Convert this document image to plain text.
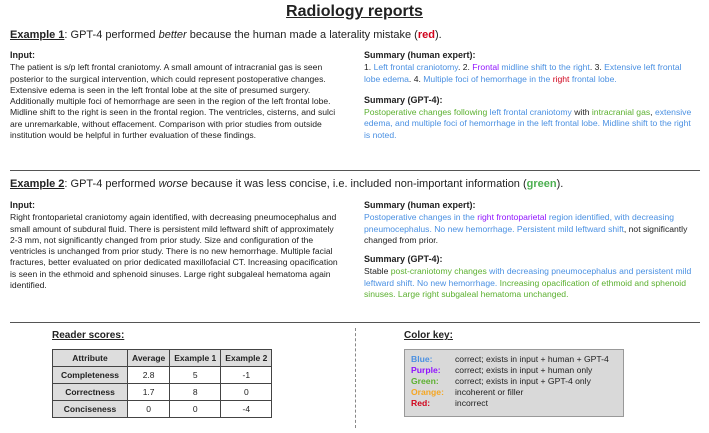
Radiology reports
Example 1: GPT-4 performed better because the human made a laterality mistake (red).
Input:
The patient is s/p left frontal craniotomy. A small amount of intracranial gas is seen posterior to the surgical intervention, which could represent postoperative changes. Extensive edema is seen in the left frontal lobe at the site of presumed surgery. Additionally multiple foci of hemorrhage are seen in the region of the left frontal lobe. Midline shift to the right is seen in the frontal region. The ventricles, cisterns, and sulci are unremarkable, without effacement. Comparison with prior studies from outside institution would be helpful in further evaluation of these findings.
Summary (human expert):
1. Left frontal craniotomy. 2. Frontal midline shift to the right. 3. Extensive left frontal lobe edema. 4. Multiple foci of hemorrhage in the right frontal lobe.
Summary (GPT-4):
Postoperative changes following left frontal craniotomy with intracranial gas, extensive edema, and multiple foci of hemorrhage in the left frontal lobe. Midline shift to the right is noted.
Example 2: GPT-4 performed worse because it was less concise, i.e. included non-important information (green).
Input:
Right frontoparietal craniotomy again identified, with decreasing pneumocephalus and small amount of subdural fluid. There is persistent mild leftward shift of approximately 2-3 mm, not significantly changed from prior study. Size and configuration of the ventricles is unchanged from prior study. There is no new hemorrhage. Multiple facial fractures, better evaluated on prior dedicated maxillofacial CT. Increasing opacification is seen in the ethmoid and sphenoid sinuses. Large right subgaleal hematoma again identified.
Summary (human expert):
Postoperative changes in the right frontoparietal region identified, with decreasing pneumocephalus. No new hemorrhage. Persistent mild leftward shift, not significantly changed from prior.
Summary (GPT-4):
Stable post-craniotomy changes with decreasing pneumocephalus and persistent mild leftward shift. No new hemorrhage. Increasing opacification of ethmoid and sphenoid sinuses. Large right subgaleal hematoma unchanged.
Reader scores:
Attribute	Average	Example 1	Example 2
Completeness	2.8	5	-1
Correctness	1.7	8	0
Conciseness	0	0	-4
Color key:
Blue:	correct; exists in input + human + GPT-4
Purple:	correct; exists in input + human only
Green:	correct; exists in input + GPT-4 only
Orange:	incoherent or filler
Red:	incorrect
